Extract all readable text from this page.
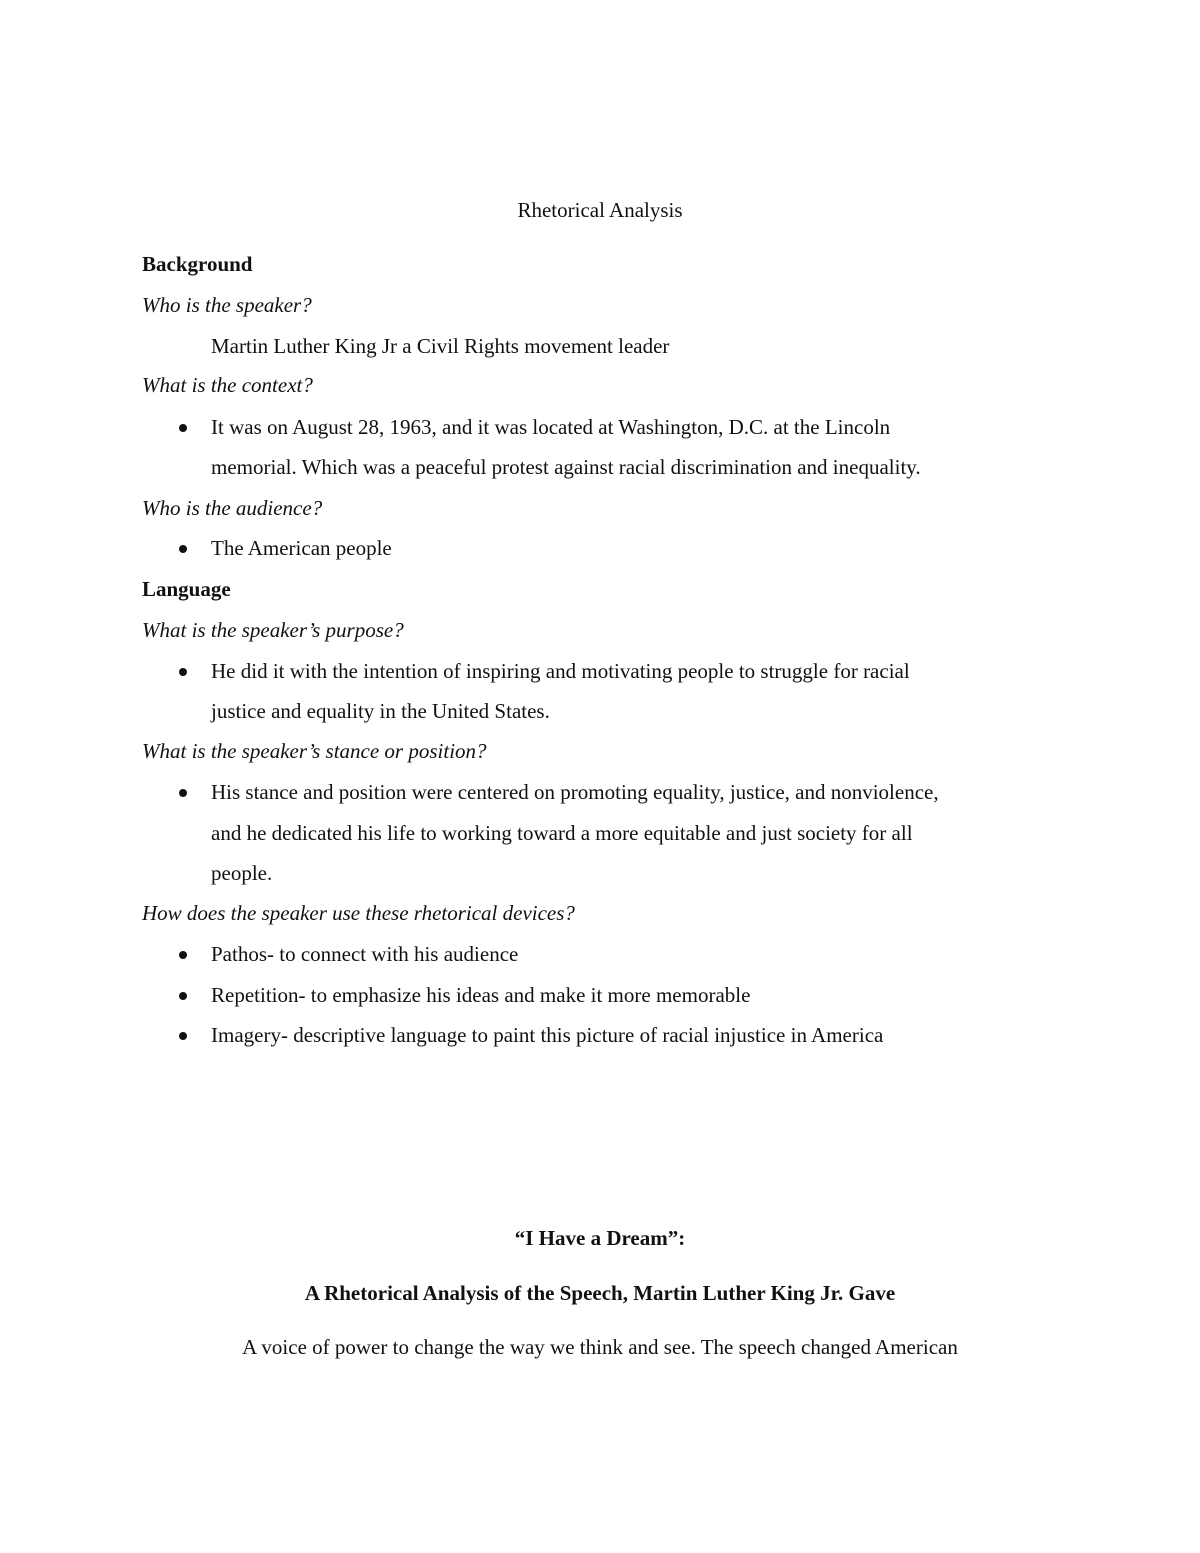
Rhetorical Analysis
Background
Who is the speaker?
Martin Luther King Jr a Civil Rights movement leader
What is the context?
It was on August 28, 1963, and it was located at Washington, D.C. at the Lincoln
memorial. Which was a peaceful protest against racial discrimination and inequality.
Who is the audience?
The American people
Language
What is the speaker’s purpose?
He did it with the intention of inspiring and motivating people to struggle for racial
justice and equality in the United States.
What is the speaker’s stance or position?
His stance and position were centered on promoting equality, justice, and nonviolence,
and he dedicated his life to working toward a more equitable and just society for all
people.
How does the speaker use these rhetorical devices?
Pathos- to connect with his audience
Repetition- to emphasize his ideas and make it more memorable
Imagery- descriptive language to paint this picture of racial injustice in America
“I Have a Dream”:
A Rhetorical Analysis of the Speech, Martin Luther King Jr. Gave
A voice of power to change the way we think and see. The speech changed American
